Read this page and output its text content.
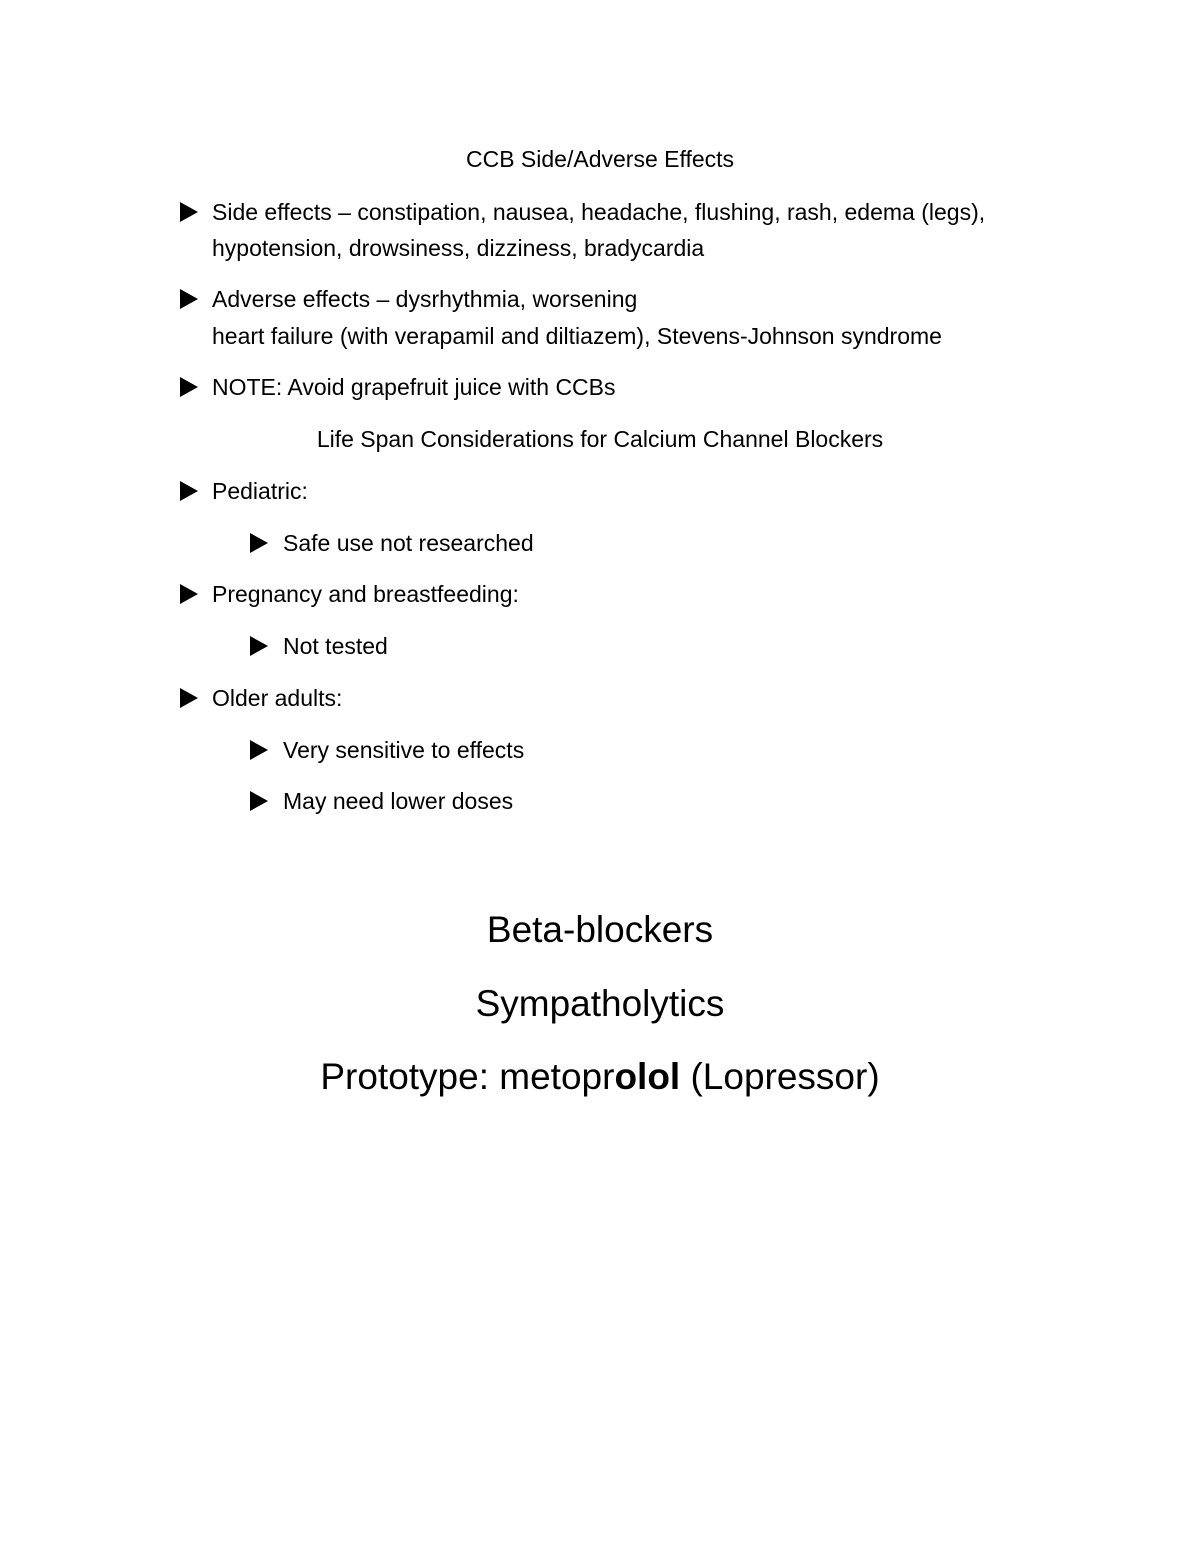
CCB Side/Adverse Effects
Side effects – constipation, nausea, headache, flushing, rash, edema (legs),
hypotension, drowsiness, dizziness, bradycardia
Adverse effects – dysrhythmia, worsening
heart failure (with verapamil and diltiazem), Stevens-Johnson syndrome
NOTE: Avoid grapefruit juice with CCBs
Life Span Considerations for Calcium Channel Blockers
Pediatric:
Safe use not researched
Pregnancy and breastfeeding:
Not tested
Older adults:
Very sensitive to effects
May need lower doses
Beta-blockers
Sympatholytics
Prototype: metoprolol (Lopressor)
